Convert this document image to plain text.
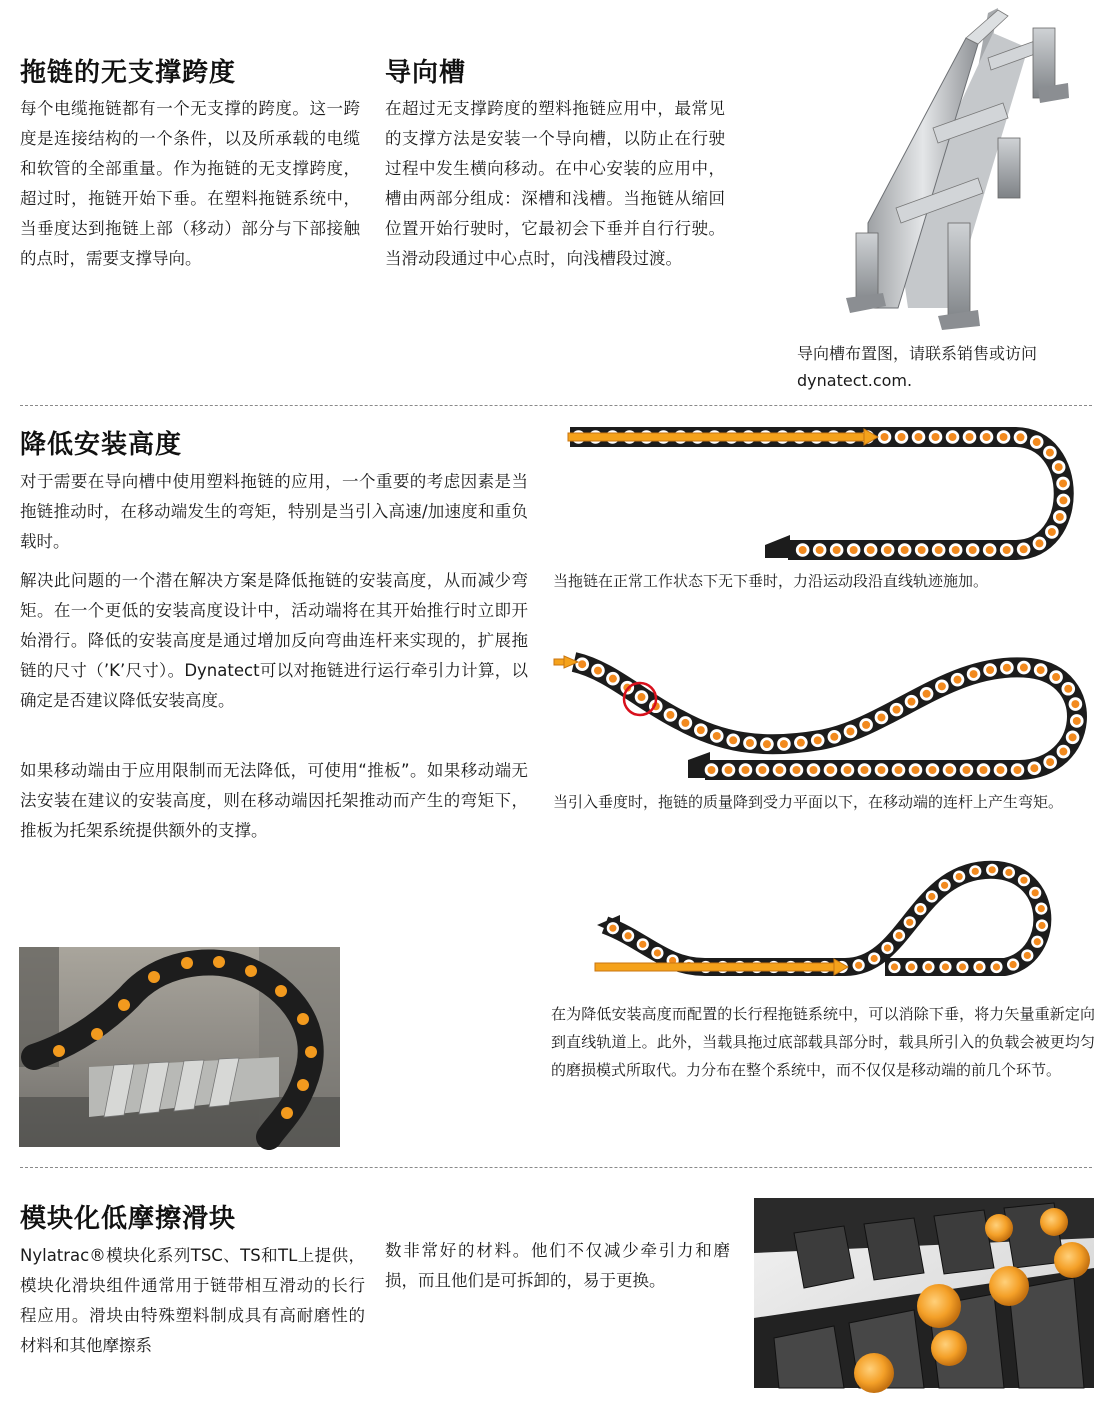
拖链的无支撑跨度

每个电缆拖链都有一个无支撑的跨度。这一跨度是连接结构的一个条件，以及所承载的电缆和软管的全部重量。作为拖链的无支撑跨度，超过时，拖链开始下垂。在塑料拖链系统中，当垂度达到拖链上部（移动）部分与下部接触的点时，需要支撑导向。

导向槽

在超过无支撑跨度的塑料拖链应用中，最常见的支撑方法是安装一个导向槽，以防止在行驶过程中发生横向移动。在中心安装的应用中，槽由两部分组成：深槽和浅槽。当拖链从缩回位置开始行驶时，它最初会下垂并自行行驶。当滑动段通过中心点时，向浅槽段过渡。

导向槽布置图，请联系销售或访问
dynatect.com.

降低安装高度

对于需要在导向槽中使用塑料拖链的应用，一个重要的考虑因素是当拖链推动时，在移动端发生的弯矩，特别是当引入高速/加速度和重负载时。

解决此问题的一个潜在解决方案是降低拖链的安装高度，从而减少弯矩。在一个更低的安装高度设计中，活动端将在其开始推行时立即开始滑行。降低的安装高度是通过增加反向弯曲连杆来实现的，扩展拖链的尺寸（’K’尺寸）。Dynatect可以对拖链进行运行牵引力计算，以确定是否建议降低安装高度。

如果移动端由于应用限制而无法降低，可使用“推板”。如果移动端无法安装在建议的安装高度，则在移动端因托架推动而产生的弯矩下，推板为托架系统提供额外的支撑。

当拖链在正常工作状态下无下垂时，力沿运动段沿直线轨迹施加。

当引入垂度时，拖链的质量降到受力平面以下，在移动端的连杆上产生弯矩。

在为降低安装高度而配置的长行程拖链系统中，可以消除下垂，将力矢量重新定向到直线轨道上。此外，当载具拖过底部载具部分时，载具所引入的负载会被更均匀的磨损模式所取代。力分布在整个系统中，而不仅仅是移动端的前几个环节。

模块化低摩擦滑块

Nylatrac®模块化系列TSC、TS和TL上提供，模块化滑块组件通常用于链带相互滑动的长行程应用。滑块由特殊塑料制成具有高耐磨性的材料和其他摩擦系

数非常好的材料。他们不仅减少牵引力和磨损，而且他们是可拆卸的，易于更换。
